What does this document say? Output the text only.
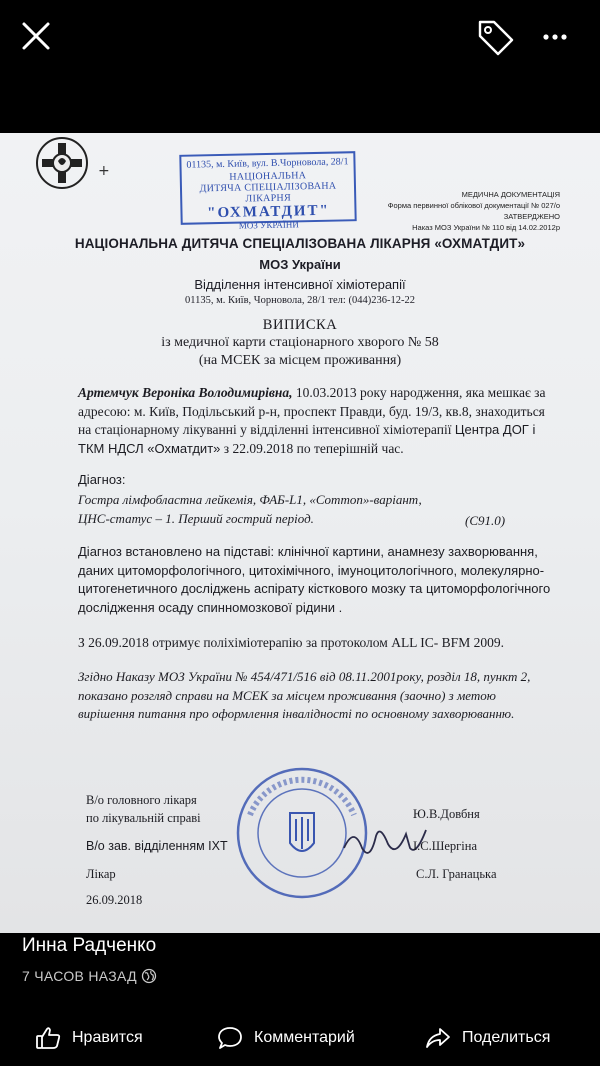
+	01135, м. Київ, вул. В.Чорновола, 28/1
НАЦІОНАЛЬНА
ДИТЯЧА СПЕЦІАЛІЗОВАНА ЛІКАРНЯ
"ОХМАТДИТ"
МОЗ УКРАЇНИ
МЕДИЧНА ДОКУМЕНТАЦІЯ
Форма первинної облікової документації № 027/о
ЗАТВЕРДЖЕНО
Наказ МОЗ України № 110 від 14.02.2012р
НАЦІОНАЛЬНА ДИТЯЧА СПЕЦІАЛІЗОВАНА ЛІКАРНЯ «ОХМАТДИТ»
МОЗ України
Відділення інтенсивної хіміотерапії
01135, м. Київ, Чорновола, 28/1 тел: (044)236-12-22
ВИПИСКА
із медичної карти стаціонарного хворого № 58
(на МСЕК за місцем проживання)
Артемчук Вероніка Володимирівна, 10.03.2013 року народження, яка мешкає за адресою: м. Київ, Подільський р-н, проспект Правди, буд. 19/3, кв.8, знаходиться на стаціонарному лікуванні у відділенні інтенсивної хіміотерапії Центра ДОГ і ТКМ НДСЛ «Охматдит» з 22.09.2018 по теперішній час.
Діагноз:
Гостра лімфобластна лейкемія, ФАБ-L1, «Common»-варіант,
ЦНС-статус – 1. Перший гострий період.	(C91.0)
Діагноз встановлено на підставі: клінічної картини, анамнезу захворювання, даних цитоморфологічного, цитохімічного, імуноцитологічного, молекулярно-цитогенетичного досліджень аспірату кісткового мозку та цитоморфологічного дослідження осаду спинномозкової рідини .
З 26.09.2018 отримує поліхіміотерапію за протоколом ALL IC- BFM 2009.
Згідно Наказу МОЗ України № 454/471/516 від 08.11.2001року, розділ 18, пункт 2, показано розгляд справи на МСЕК за місцем проживання (заочно) з метою вирішення питання про оформлення інвалідності по основному захворюванню.
В/о головного лікаря
по лікувальній справі	Ю.В.Довбня
В/о зав. відділенням ІХТ	І.С.Шергіна
Лікар	С.Л. Гранацька
26.09.2018
Инна Радченко
7 ЧАСОВ НАЗАД
Нравится	Комментарий	Поделиться
